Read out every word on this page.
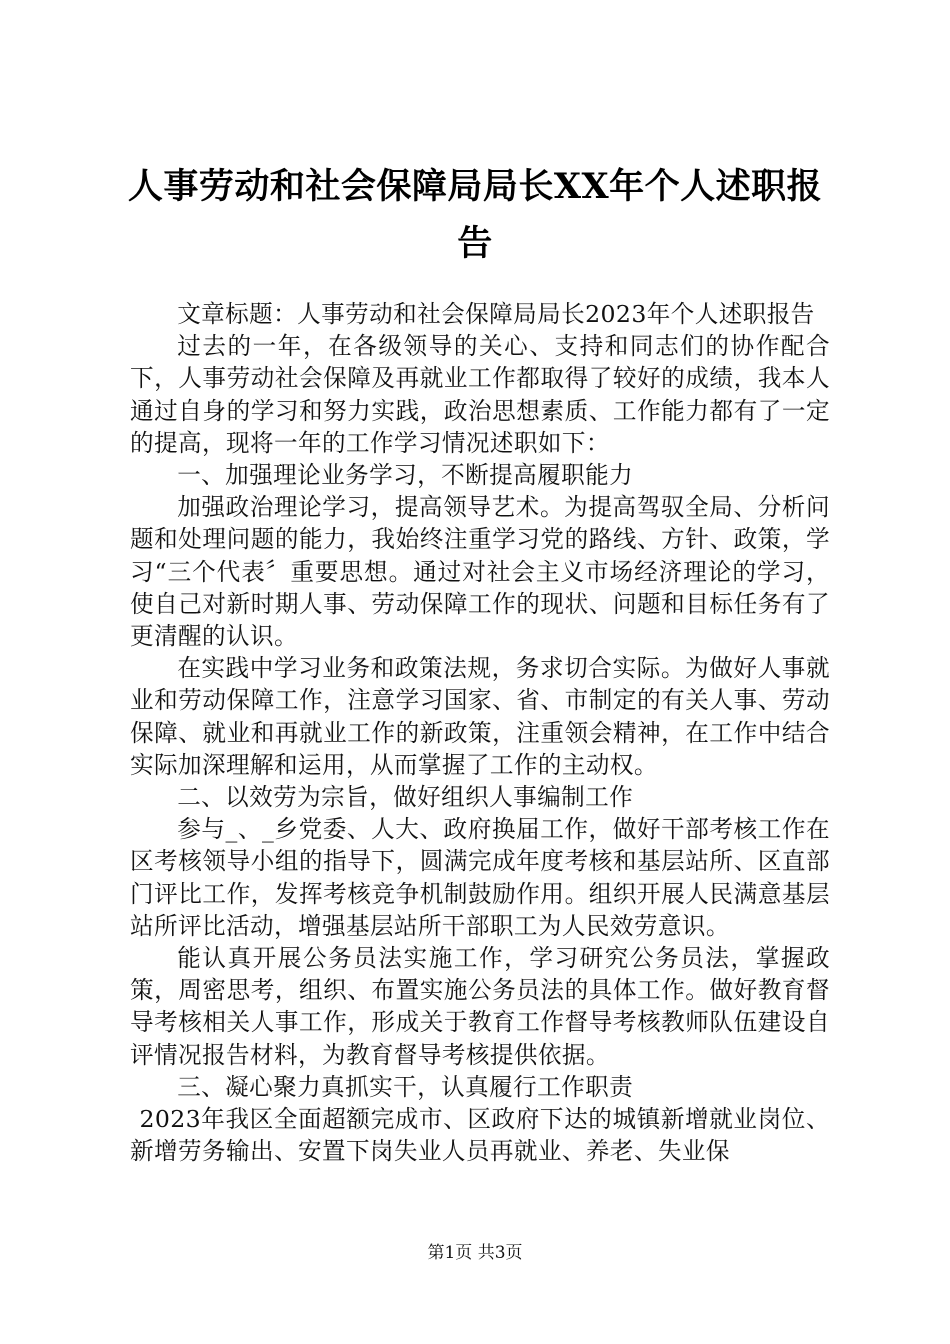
人事劳动和社会保障局局长XX年个人述职报告

文章标题：人事劳动和社会保障局局长2023年个人述职报告

过去的一年，在各级领导的关心、支持和同志们的协作配合下，人事劳动社会保障及再就业工作都取得了较好的成绩，我本人通过自身的学习和努力实践，政治思想素质、工作能力都有了一定的提高，现将一年的工作学习情况述职如下：

一、加强理论业务学习，不断提高履职能力

加强政治理论学习，提高领导艺术。为提高驾驭全局、分析问题和处理问题的能力，我始终注重学习党的路线、方针、政策，学习“三个代表〞重要思想。通过对社会主义市场经济理论的学习，使自己对新时期人事、劳动保障工作的现状、问题和目标任务有了更清醒的认识。

在实践中学习业务和政策法规，务求切合实际。为做好人事就业和劳动保障工作，注意学习国家、省、市制定的有关人事、劳动保障、就业和再就业工作的新政策，注重领会精神，在工作中结合实际加深理解和运用，从而掌握了工作的主动权。

二、以效劳为宗旨，做好组织人事编制工作

参与_、_乡党委、人大、政府换届工作，做好干部考核工作在区考核领导小组的指导下，圆满完成年度考核和基层站所、区直部门评比工作，发挥考核竞争机制鼓励作用。组织开展人民满意基层站所评比活动，增强基层站所干部职工为人民效劳意识。

能认真开展公务员法实施工作，学习研究公务员法，掌握政策，周密思考，组织、布置实施公务员法的具体工作。做好教育督导考核相关人事工作，形成关于教育工作督导考核教师队伍建设自评情况报告材料，为教育督导考核提供依据。

三、凝心聚力真抓实干，认真履行工作职责

2023年我区全面超额完成市、区政府下达的城镇新增就业岗位、新增劳务输出、安置下岗失业人员再就业、养老、失业保

第1页 共3页
